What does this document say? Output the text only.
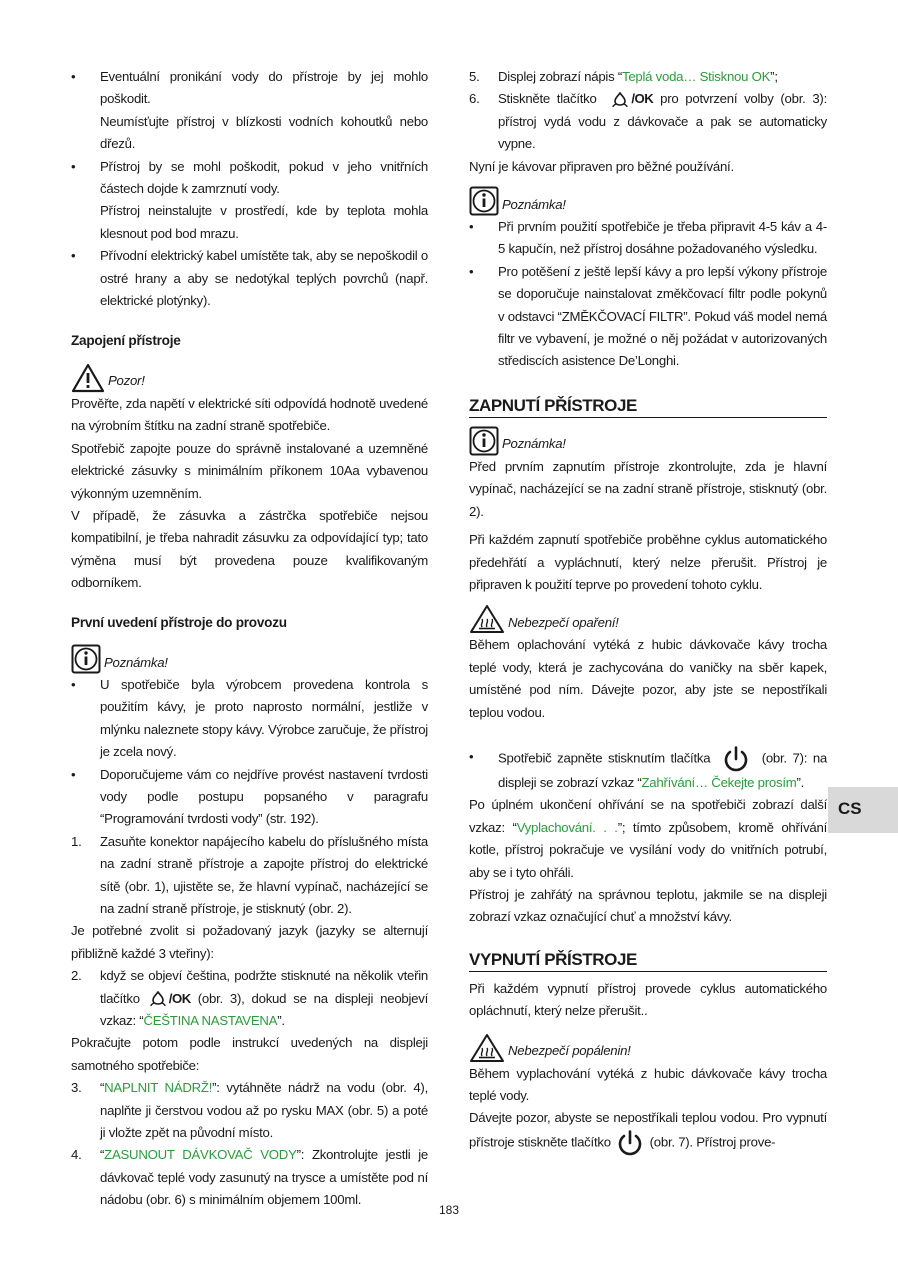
• Eventuální pronikání vody do přístroje by jej mohlo poškodit.
Neumísťujte přístroj v blízkosti vodních kohoutků nebo dřezů.
• Přístroj by se mohl poškodit, pokud v jeho vnitřních částech dojde k zamrznutí vody.
Přístroj neinstalujte v prostředí, kde by teplota mohla klesnout pod bod mrazu.
• Přívodní elektrický kabel umístěte tak, aby se nepoškodil o ostré hrany a aby se nedotýkal teplých povrchů (např. elektrické plotýnky).
Zapojení přístroje
Pozor!

Prověřte, zda napětí v elektrické síti odpovídá hodnotě uvedené na výrobním štítku na zadní straně spotřebiče.

Spotřebič zapojte pouze do správně instalované a uzemněné elektrické zásuvky s minimálním příkonem 10Aa vybavenou výkonným uzemněním.

V případě, že zásuvka a zástrčka spotřebiče nejsou kompatibilní, je třeba nahradit zásuvku za odpovídající typ; tato výměna musí být provedena pouze kvalifikovaným odborníkem.

První uvedení přístroje do provozu
Poznámka!
• U spotřebiče byla výrobcem provedena kontrola s použitím kávy, je proto naprosto normální, jestliže v mlýnku naleznete stopy kávy. Výrobce zaručuje, že přístroj je zcela nový.
• Doporučujeme vám co nejdříve provést nastavení tvrdosti vody podle postupu popsaného v paragrafu “Programování tvrdosti vody” (str. 192).
1. Zasuňte konektor napájecího kabelu do příslušného místa na zadní straně přístroje a zapojte přístroj do elektrické sítě (obr. 1), ujistěte se, že hlavní vypínač, nacházející se na zadní straně přístroje, je stisknutý (obr. 2).

Je potřebné zvolit si požadovaný jazyk (jazyky se alternují přibližně každé 3 vteřiny):

2. když se objeví čeština, podržte stisknuté na několik vteřin tlačítko /OK (obr. 3), dokud se na displeji neobjeví vzkaz: “ČEŠTINA NASTAVENA”.

Pokračujte potom podle instrukcí uvedených na displeji samotného spotřebiče:

3. “NAPLNIT NÁDRŽ!”: vytáhněte nádrž na vodu (obr. 4), naplňte ji čerstvou vodou až po rysku MAX (obr. 5) a poté ji vložte zpět na původní místo.
4. “ZASUNOUT DÁVKOVAČ VODY”: Zkontrolujte jestli je dávkovač teplé vody zasunutý na trysce a umístěte pod ní nádobu (obr. 6) s minimálním objemem 100ml.
5. Displej zobrazí nápis “Teplá voda… Stisknou OK”;
6. Stiskněte tlačítko	/OK pro potvrzení volby (obr. 3): přístroj vydá vodu z dávkovače a pak se automaticky vypne.

Nyní je kávovar připraven pro běžné používání.

Poznámka!
• Při prvním použití spotřebiče je třeba připravit 4-5 káv a 4-5 kapučín, než přístroj dosáhne požadovaného výsledku.
• Pro potěšení z ještě lepší kávy a pro lepší výkony přístroje se doporučuje nainstalovat změkčovací filtr podle pokynů v odstavci “ZMĚKČOVACÍ FILTR”. Pokud váš model nemá filtr ve vybavení, je možné o něj požádat v autorizovaných střediscích asistence De’Longhi.
ZAPNUTÍ PŘÍSTROJE
Poznámka!

Před prvním zapnutím přístroje zkontrolujte, zda je hlavní vypínač, nacházející se na zadní straně přístroje, stisknutý (obr. 2).

Při každém zapnutí spotřebiče proběhne cyklus automatického předehřátí a vypláchnutí, který nelze přerušit. Přístroj je připraven k použití teprve po provedení tohoto cyklu.

Nebezpečí opaření!

Během oplachování vytéká z hubic dávkovače kávy trocha teplé vody, která je zachycována do vaničky na sběr kapek, umístěné pod ním. Dávejte pozor, aby jste se nepostříkali teplou vodou.

• Spotřebič zapněte stisknutím tlačítka	(obr. 7): na displeji se zobrazí vzkaz “Zahřívání… Čekejte prosím”.

Po úplném ukončení ohřívání se na spotřebiči zobrazí další vzkaz: “Vyplachování. . .”; tímto způsobem, kromě ohřívání kotle, přístroj pokračuje ve vysílání vody do vnitřních potrubí, aby se i tyto ohřáli.

Přístroj je zahřátý na správnou teplotu, jakmile se na displeji zobrazí vzkaz označující chuť a množství kávy.

VYPNUTÍ PŘÍSTROJE

Při každém vypnutí přístroj provede cyklus automatického opláchnutí, který nelze přerušit..

Nebezpečí popálenin!

Během vyplachování vytéká z hubic dávkovače kávy trocha teplé vody.

Dávejte pozor, abyste se nepostříkali teplou vodou. Pro vypnutí přístroje stiskněte tlačítko	(obr. 7). Přístroj prove-

CS
183
